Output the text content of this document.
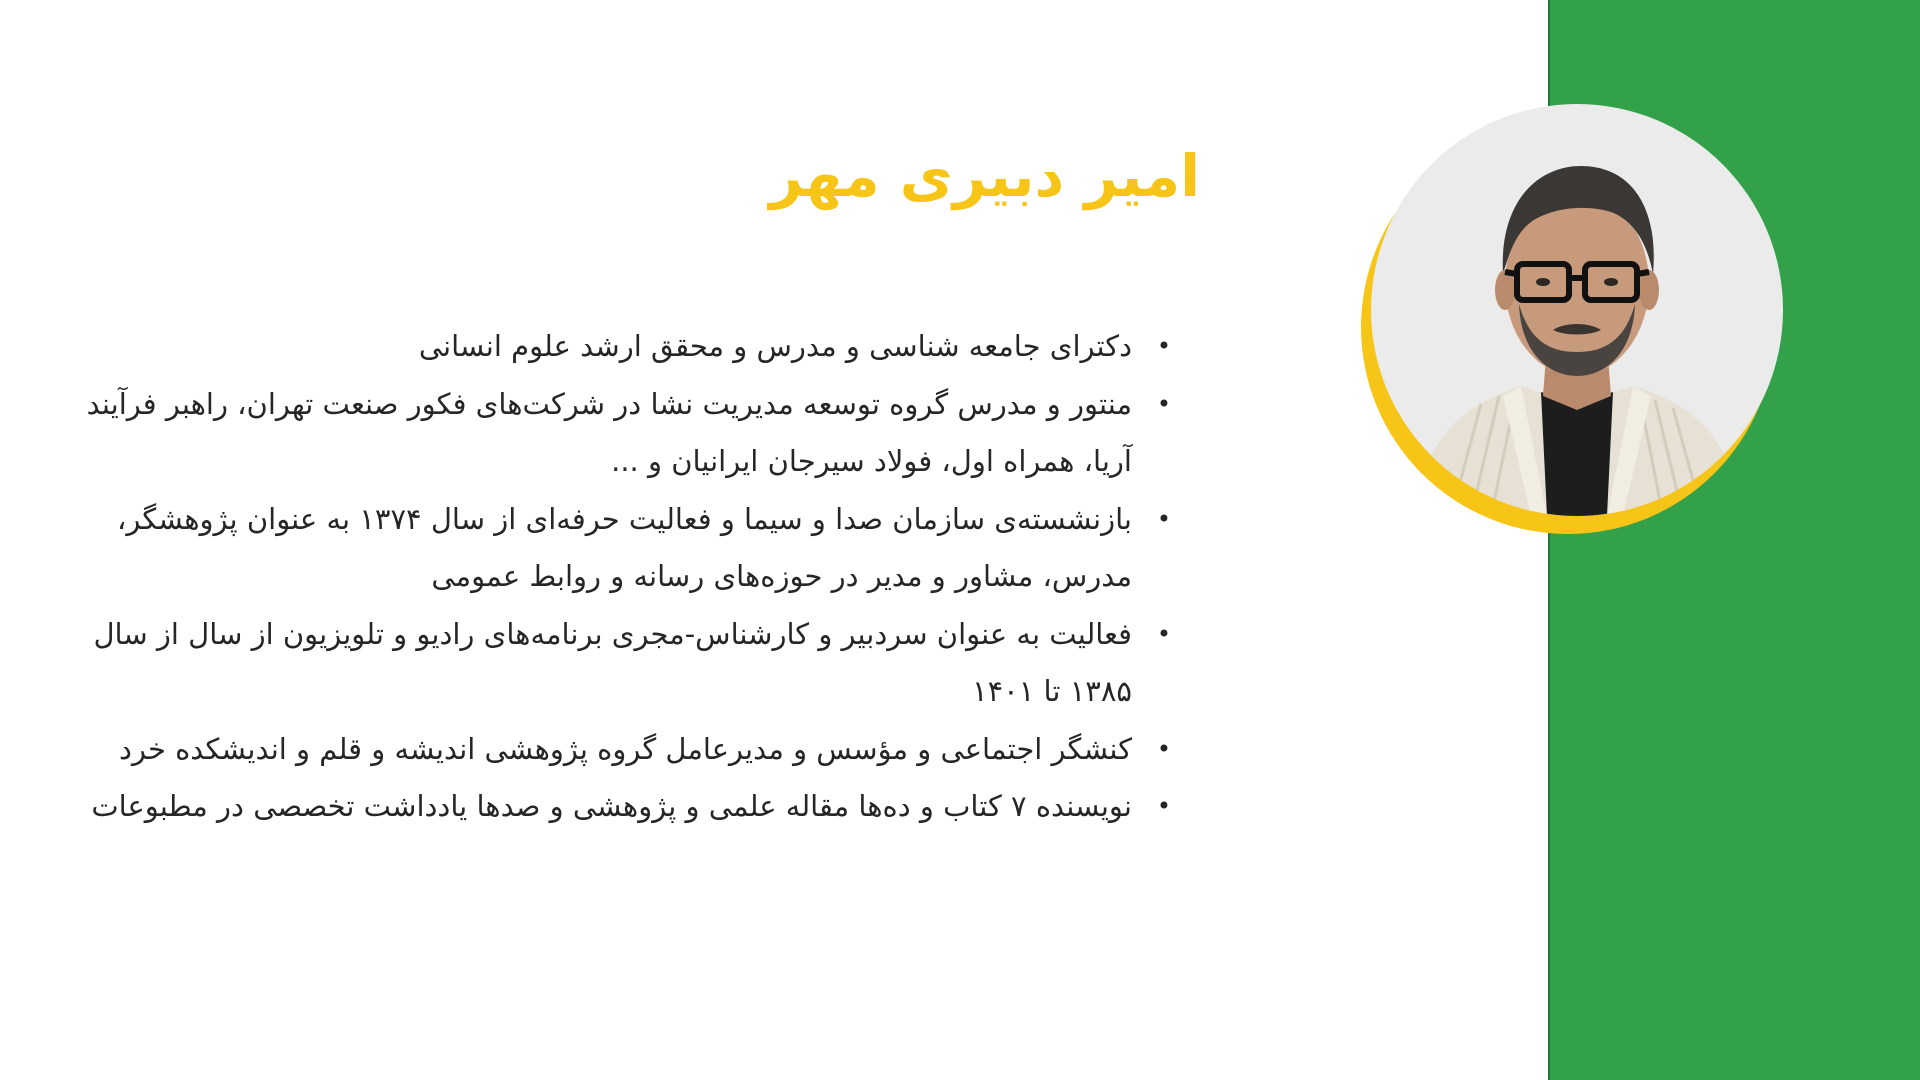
امیر دبیری مهر
•
دکترای جامعه شناسی و مدرس و محقق ارشد علوم انسانی
•
منتور و مدرس گروه توسعه مدیریت نشا در شرکت‌های فکور صنعت تهران، راهبر فرآیند آریا، همراه اول، فولاد سیرجان ایرانیان و ...
•
بازنشسته‌ی سازمان صدا و سیما و فعالیت حرفه‌ای از سال ۱۳۷۴ به عنوان پژوهشگر، مدرس، مشاور و مدیر در حوزه‌های رسانه و روابط عمومی
•
فعالیت به عنوان سردبیر و کارشناس-مجری برنامه‌های رادیو و تلویزیون از سال از سال ۱۳۸۵ تا ۱۴۰۱
•
کنشگر اجتماعی و مؤسس و مدیرعامل گروه پژوهشی اندیشه و قلم و اندیشکده خرد
•
نویسنده ۷ کتاب و ده‌ها مقاله علمی و پژوهشی و صدها یادداشت تخصصی در مطبوعات
